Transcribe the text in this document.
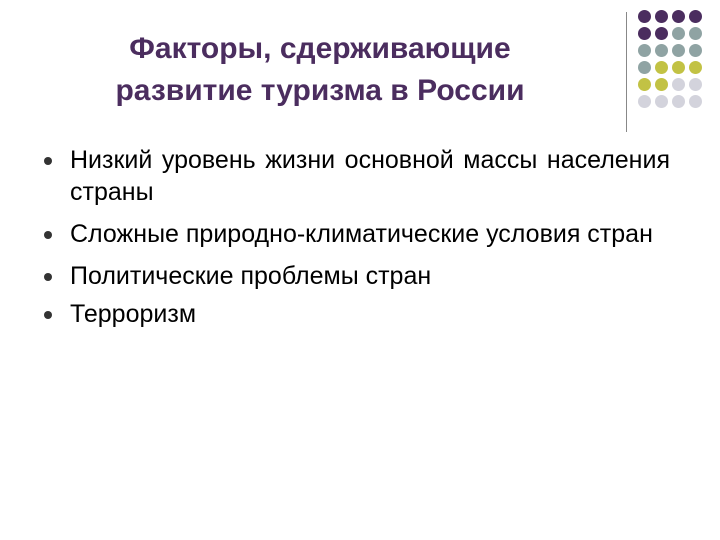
Факторы, сдерживающие
развитие туризма в России
Низкий уровень жизни основной массы населения страны
Сложные природно-климатические условия стран
Политические проблемы стран
Терроризм
